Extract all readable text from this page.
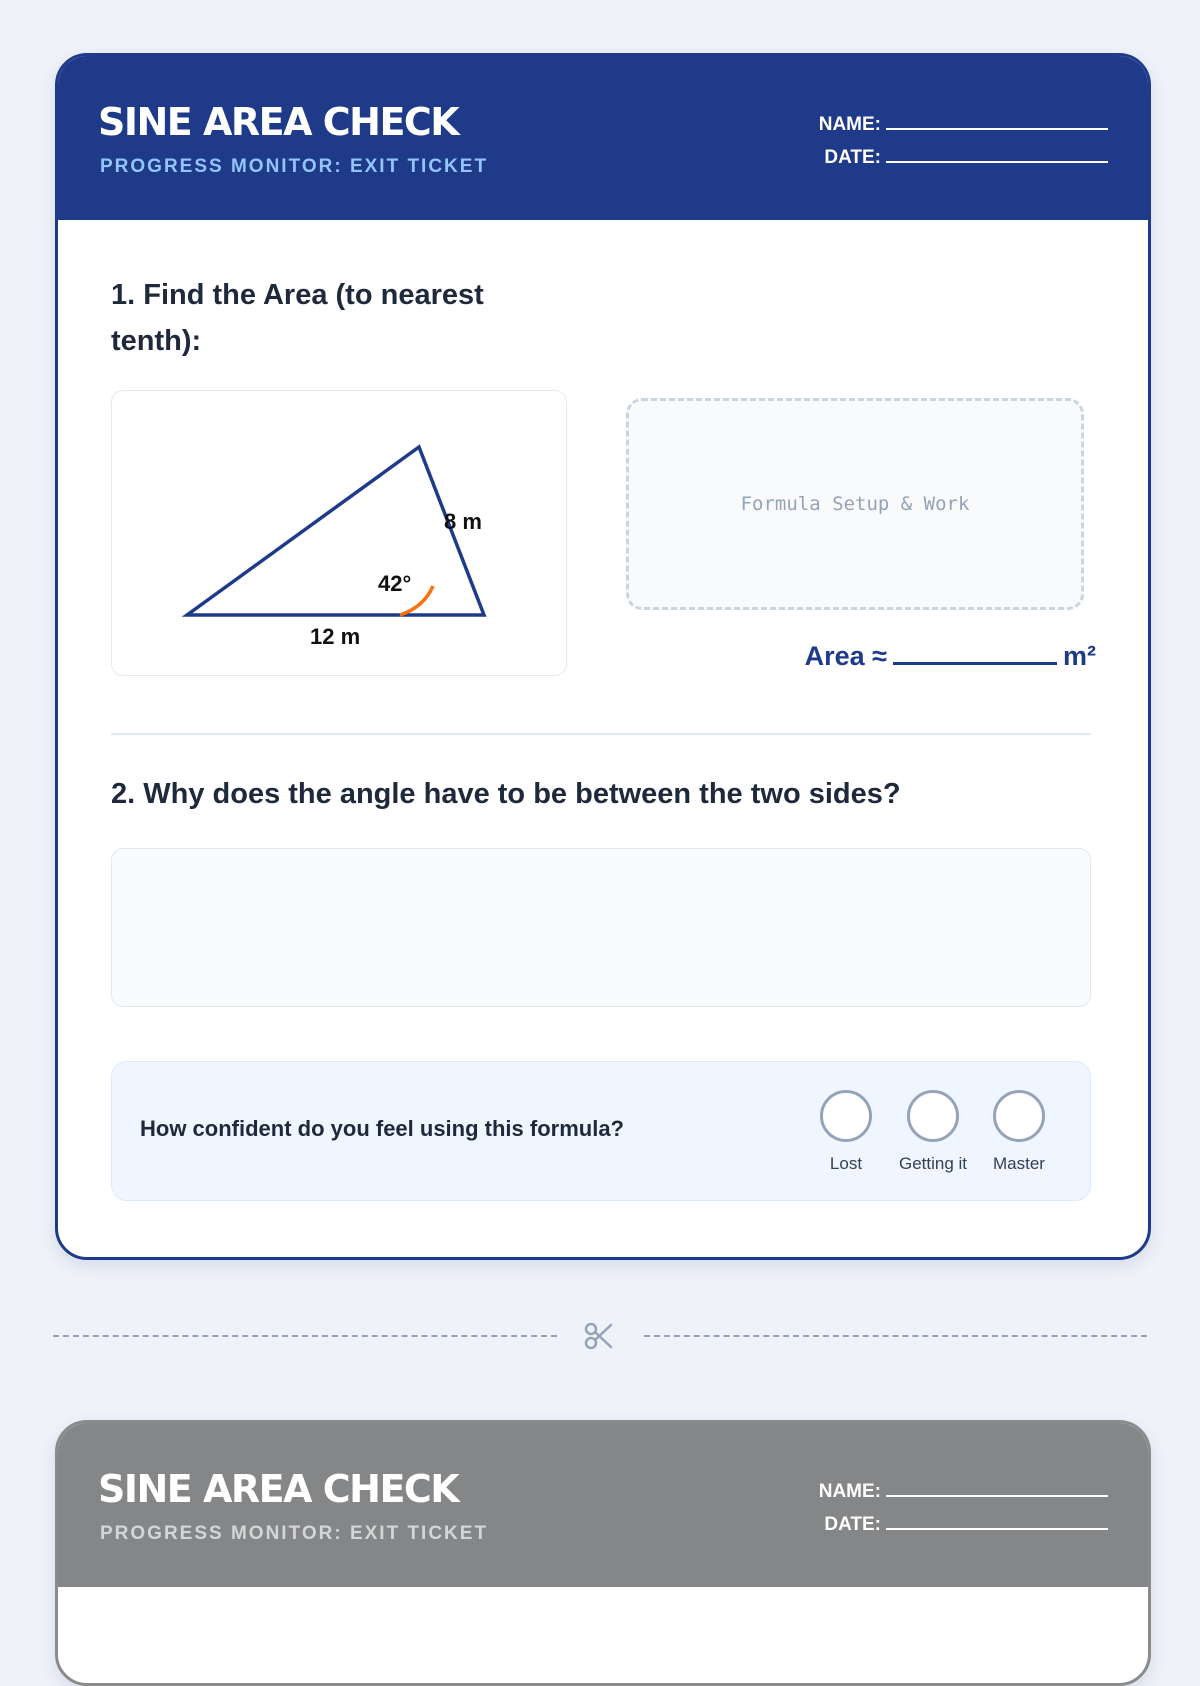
SINE AREA CHECK
PROGRESS MONITOR: EXIT TICKET
NAME:
DATE:
1. Find the Area (to nearest tenth):
12 m
8 m
42°
Formula Setup & Work
Area ≈	m²
2. Why does the angle have to be between the two sides?
How confident do you feel using this formula?
Lost	Getting it	Master
SINE AREA CHECK
PROGRESS MONITOR: EXIT TICKET
NAME:
DATE:
